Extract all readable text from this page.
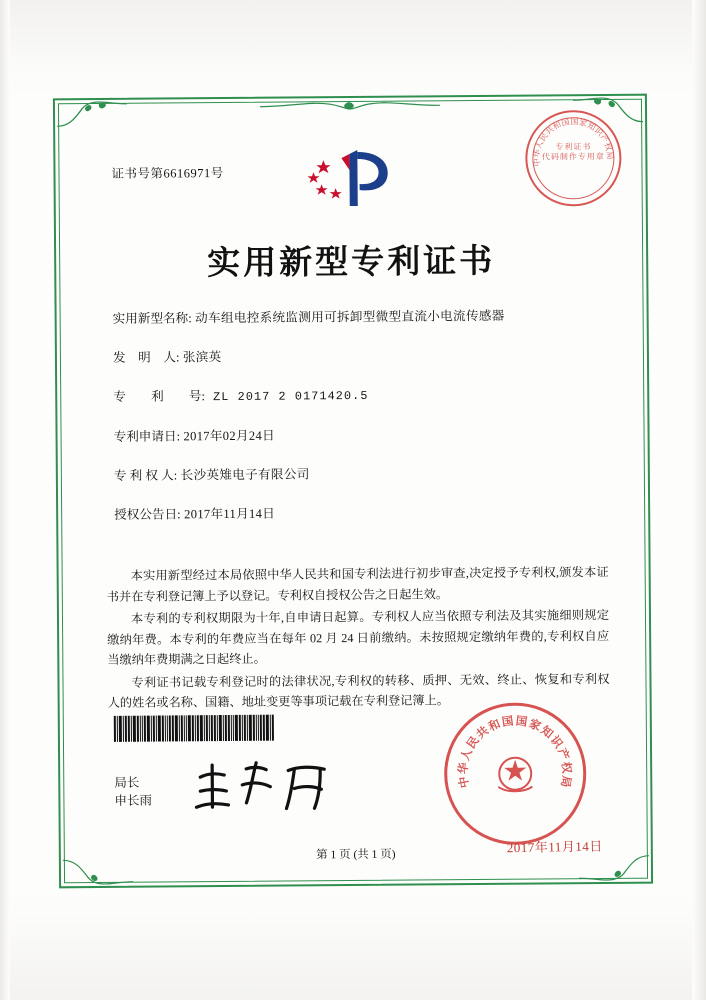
证书号第6616971号
中
华
人
民
共
和
国 国 家
知
识
产
权
局
专利证书
代码制作专用章
实用新型专利证书
实用新型名称: 动车组电控系统监测用可拆卸型微型直流小电流传感器
发　明　人: 张滨英
专　　利　　号: ZL 2017 2 0171420.5
专利申请日: 2017年02月24日
专 利 权 人: 长沙英雉电子有限公司
授权公告日: 2017年11月14日

本实用新型经过本局依照中华人民共和国专利法进行初步审查,决定授予专利权,颁发本证书并在专利登记簿上予以登记。专利权自授权公告之日起生效。

本专利的专利权期限为十年,自申请日起算。专利权人应当依照专利法及其实施细则规定缴纳年费。本专利的年费应当在每年 02 月 24 日前缴纳。未按照规定缴纳年费的,专利权自应当缴纳年费期满之日起终止。

专利证书记载专利登记时的法律状况,专利权的转移、质押、无效、终止、恢复和专利权人的姓名或名称、国籍、地址变更等事项记载在专利登记簿上。

局长
申长雨
中
华
人
民
共
和
国 国 家
知
识
产
权
局
2017年11月14日
第 1 页 (共 1 页)
